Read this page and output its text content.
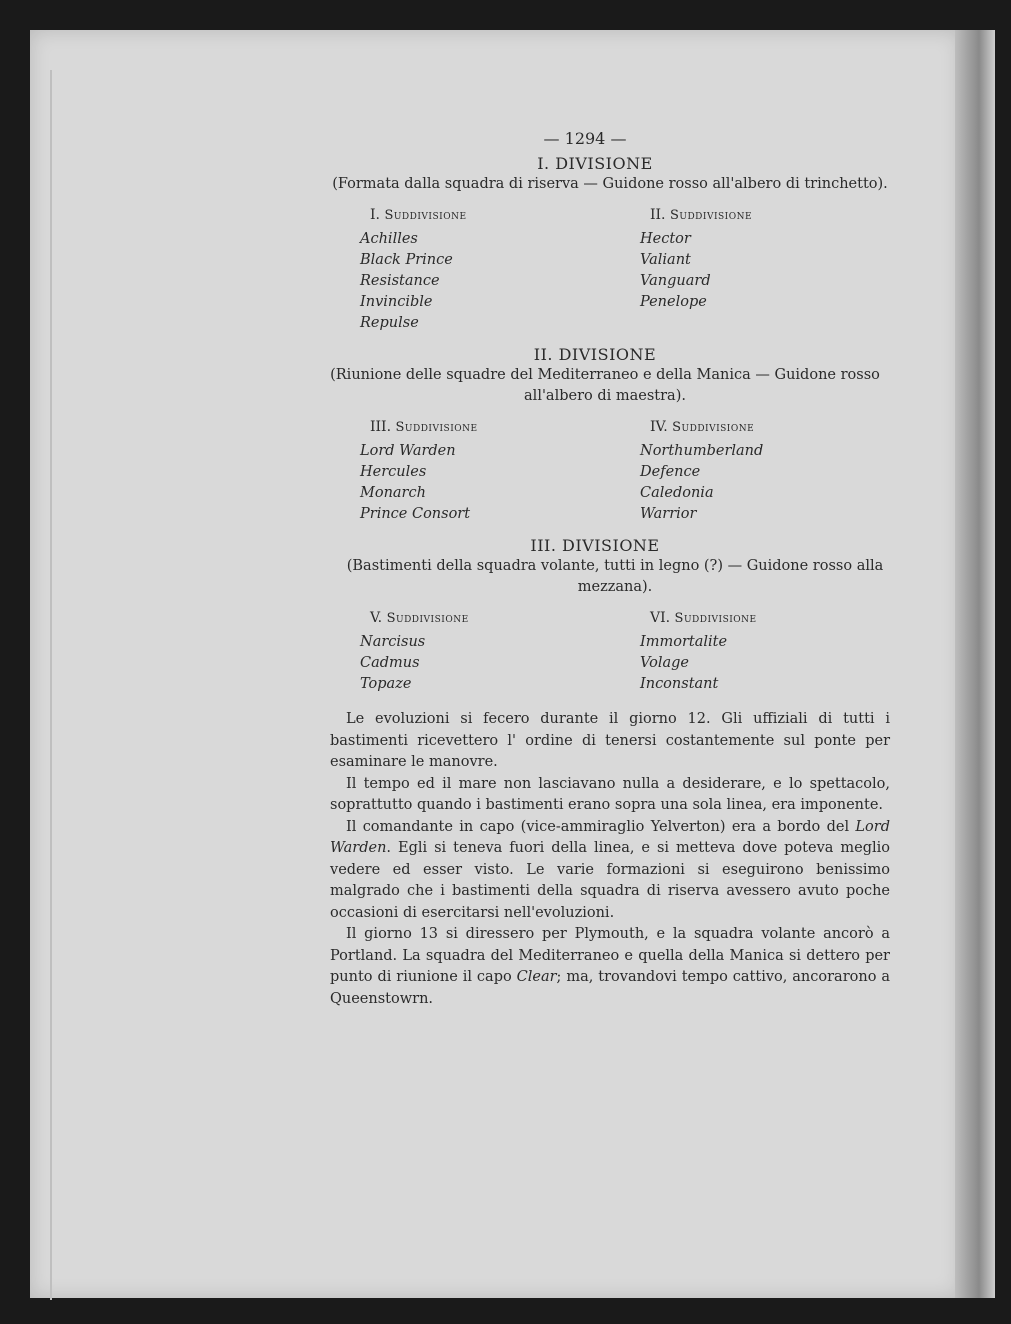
— 1294 —
I. DIVISIONE
(Formata dalla squadra di riserva — Guidone rosso all'albero di trinchetto).
I. Suddivisione
Achilles
Black Prince
Resistance
Invincible
Repulse
II. Suddivisione
Hector
Valiant
Vanguard
Penelope
II. DIVISIONE
(Riunione delle squadre del Mediterraneo e della Manica — Guidone rosso all'albero di maestra).
III. Suddivisione
Lord Warden
Hercules
Monarch
Prince Consort
IV. Suddivisione
Northumberland
Defence
Caledonia
Warrior
III. DIVISIONE
(Bastimenti della squadra volante, tutti in legno (?) — Guidone rosso alla mezzana).
V. Suddivisione
Narcisus
Cadmus
Topaze
VI. Suddivisione
Immortalite
Volage
Inconstant

Le evoluzioni si fecero durante il giorno 12. Gli uffiziali di tutti i bastimenti ricevettero l' ordine di tenersi costantemente sul ponte per esaminare le manovre.

Il tempo ed il mare non lasciavano nulla a desiderare, e lo spettacolo, soprattutto quando i bastimenti erano sopra una sola linea, era imponente.

Il comandante in capo (vice-ammiraglio Yelverton) era a bordo del Lord Warden. Egli si teneva fuori della linea, e si metteva dove poteva meglio vedere ed esser visto. Le varie formazioni si eseguirono benissimo malgrado che i bastimenti della squadra di riserva avessero avuto poche occasioni di esercitarsi nell'evoluzioni.

Il giorno 13 si diressero per Plymouth, e la squadra volante ancorò a Portland. La squadra del Mediterraneo e quella della Manica si dettero per punto di riunione il capo Clear; ma, trovandovi tempo cattivo, ancorarono a Queenstowrn.
